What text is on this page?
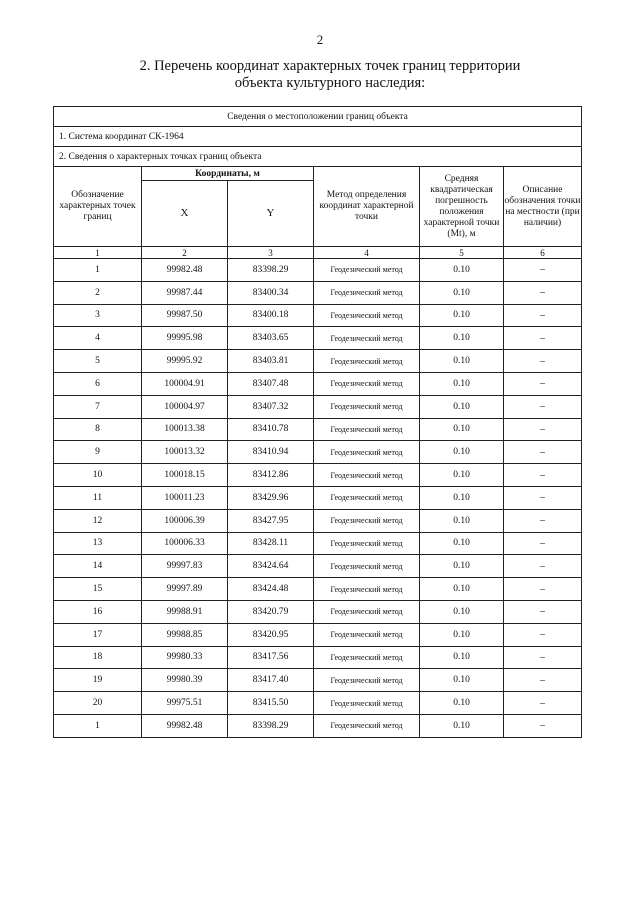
2
2. Перечень координат характерных точек границ территории
объекта культурного наследия:
Сведения о местоположении границ объекта					
1. Система координат СК-1964					
2. Сведения о характерных точках границ объекта					
Обозначение характерных точек границ	Координаты, м		Метод определения координат характерной точки	Средняя квадратическая погрешность положения характерной точки (Mt), м	Описание обозначения точки на местности (при наличии)
	X	Y			
1	2	3	4	5	6
1	99982.48	83398.29	Геодезический метод	0.10	–
2	99987.44	83400.34	Геодезический метод	0.10	–
3	99987.50	83400.18	Геодезический метод	0.10	–
4	99995.98	83403.65	Геодезический метод	0.10	–
5	99995.92	83403.81	Геодезический метод	0.10	–
6	100004.91	83407.48	Геодезический метод	0.10	–
7	100004.97	83407.32	Геодезический метод	0.10	–
8	100013.38	83410.78	Геодезический метод	0.10	–
9	100013.32	83410.94	Геодезический метод	0.10	–
10	100018.15	83412.86	Геодезический метод	0.10	–
11	100011.23	83429.96	Геодезический метод	0.10	–
12	100006.39	83427.95	Геодезический метод	0.10	–
13	100006.33	83428.11	Геодезический метод	0.10	–
14	99997.83	83424.64	Геодезический метод	0.10	–
15	99997.89	83424.48	Геодезический метод	0.10	–
16	99988.91	83420.79	Геодезический метод	0.10	–
17	99988.85	83420.95	Геодезический метод	0.10	–
18	99980.33	83417.56	Геодезический метод	0.10	–
19	99980.39	83417.40	Геодезический метод	0.10	–
20	99975.51	83415.50	Геодезический метод	0.10	–
1	99982.48	83398.29	Геодезический метод	0.10	–
